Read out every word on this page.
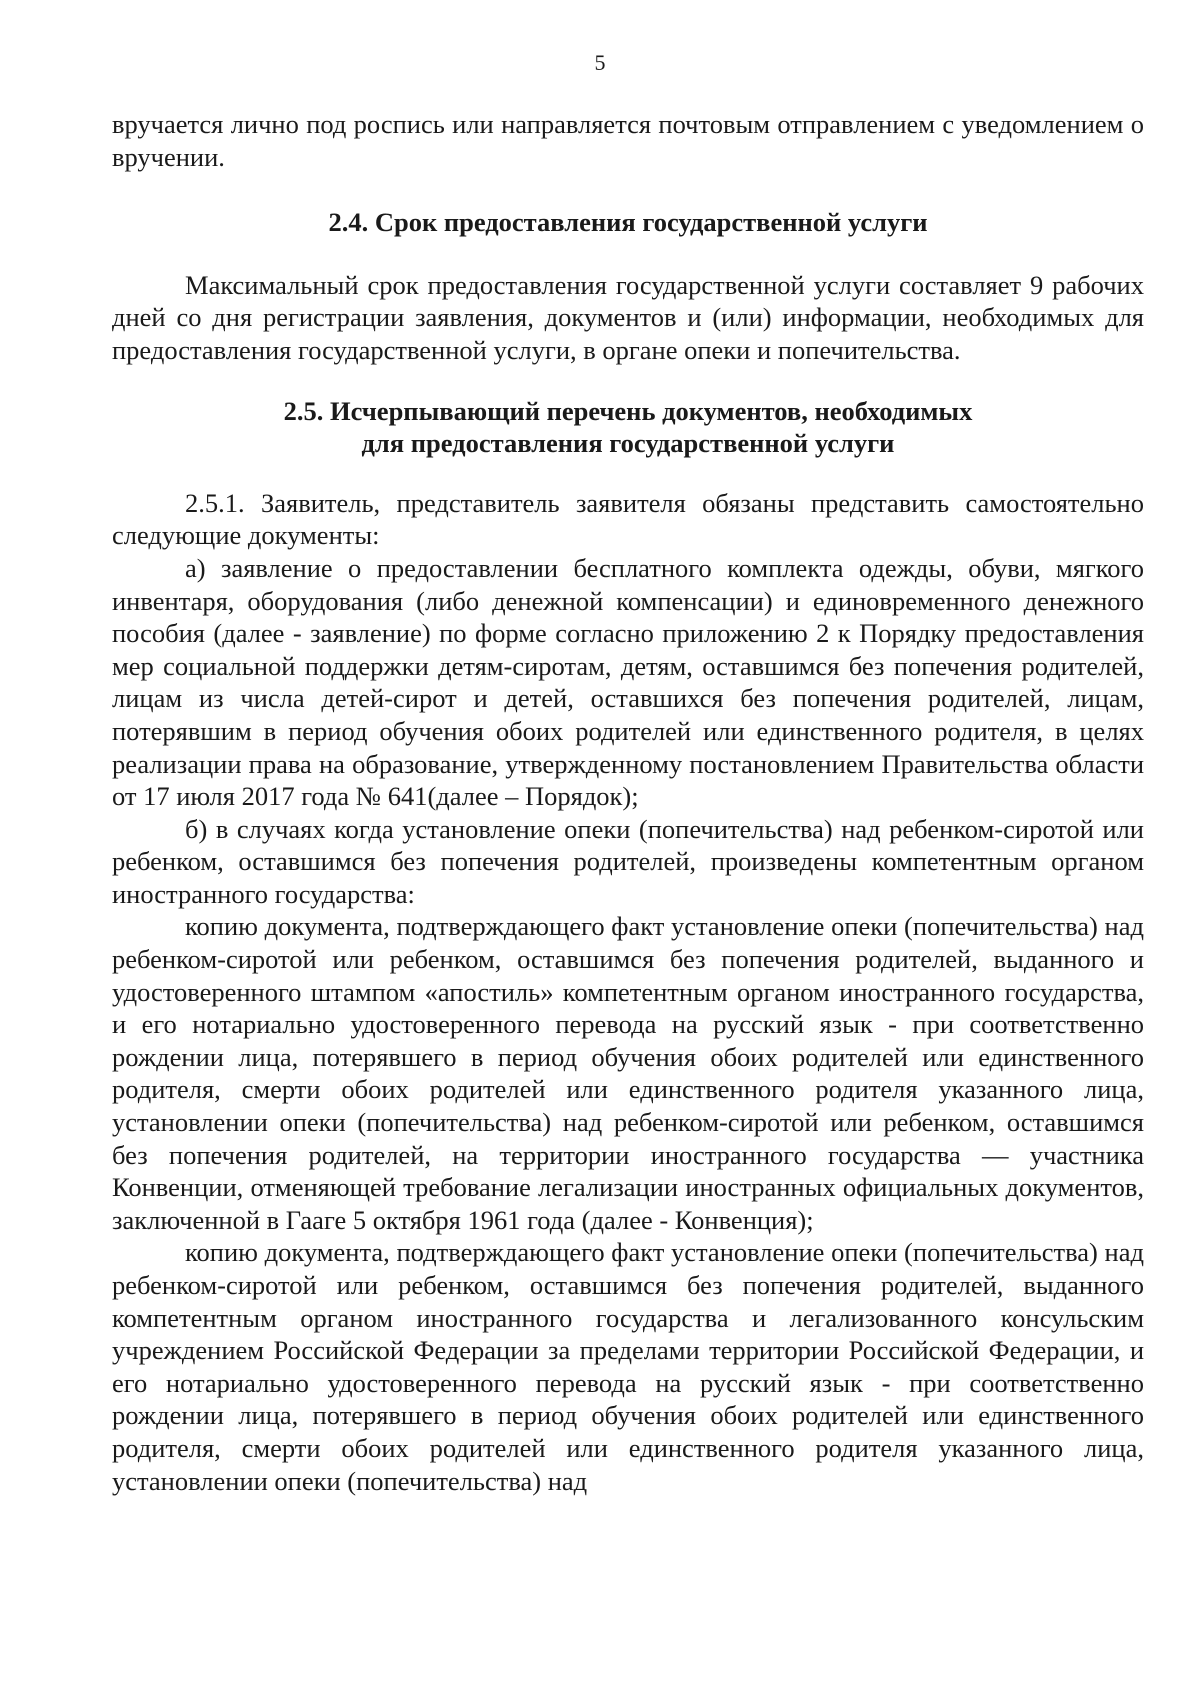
5

вручается лично под роспись или направляется почтовым отправлением с уведомлением о вручении.

2.4. Срок предоставления государственной услуги

Максимальный срок предоставления государственной услуги составляет 9 рабочих дней со дня регистрации заявления, документов и (или) информации, необходимых для предоставления государственной услуги, в органе опеки и попечительства.

2.5. Исчерпывающий перечень документов, необходимых
для предоставления государственной услуги

2.5.1. Заявитель, представитель заявителя обязаны представить самостоятельно следующие документы:

а) заявление о предоставлении бесплатного комплекта одежды, обуви, мягкого инвентаря, оборудования (либо денежной компенсации) и единовременного денежного пособия (далее - заявление) по форме согласно приложению 2 к Порядку предоставления мер социальной поддержки детям-сиротам, детям, оставшимся без попечения родителей, лицам из числа детей-сирот и детей, оставшихся без попечения родителей, лицам, потерявшим в период обучения обоих родителей или единственного родителя, в целях реализации права на образование, утвержденному постановлением Правительства области от 17 июля 2017 года № 641(далее – Порядок);

б) в случаях когда установление опеки (попечительства) над ребенком-сиротой или ребенком, оставшимся без попечения родителей, произведены компетентным органом иностранного государства:

копию документа, подтверждающего факт установление опеки (попечительства) над ребенком-сиротой или ребенком, оставшимся без попечения родителей, выданного и удостоверенного штампом «апостиль» компетентным органом иностранного государства, и его нотариально удостоверенного перевода на русский язык - при соответственно рождении лица, потерявшего в период обучения обоих родителей или единственного родителя, смерти обоих родителей или единственного родителя указанного лица, установлении опеки (попечительства) над ребенком-сиротой или ребенком, оставшимся без попечения родителей, на территории иностранного государства — участника Конвенции, отменяющей требование легализации иностранных официальных документов, заключенной в Гааге 5 октября 1961 года (далее - Конвенция);

копию документа, подтверждающего факт установление опеки (попечительства) над ребенком-сиротой или ребенком, оставшимся без попечения родителей, выданного компетентным органом иностранного государства и легализованного консульским учреждением Российской Федерации за пределами территории Российской Федерации, и его нотариально удостоверенного перевода на русский язык - при соответственно рождении лица, потерявшего в период обучения обоих родителей или единственного родителя, смерти обоих родителей или единственного родителя указанного лица, установлении опеки (попечительства) над
